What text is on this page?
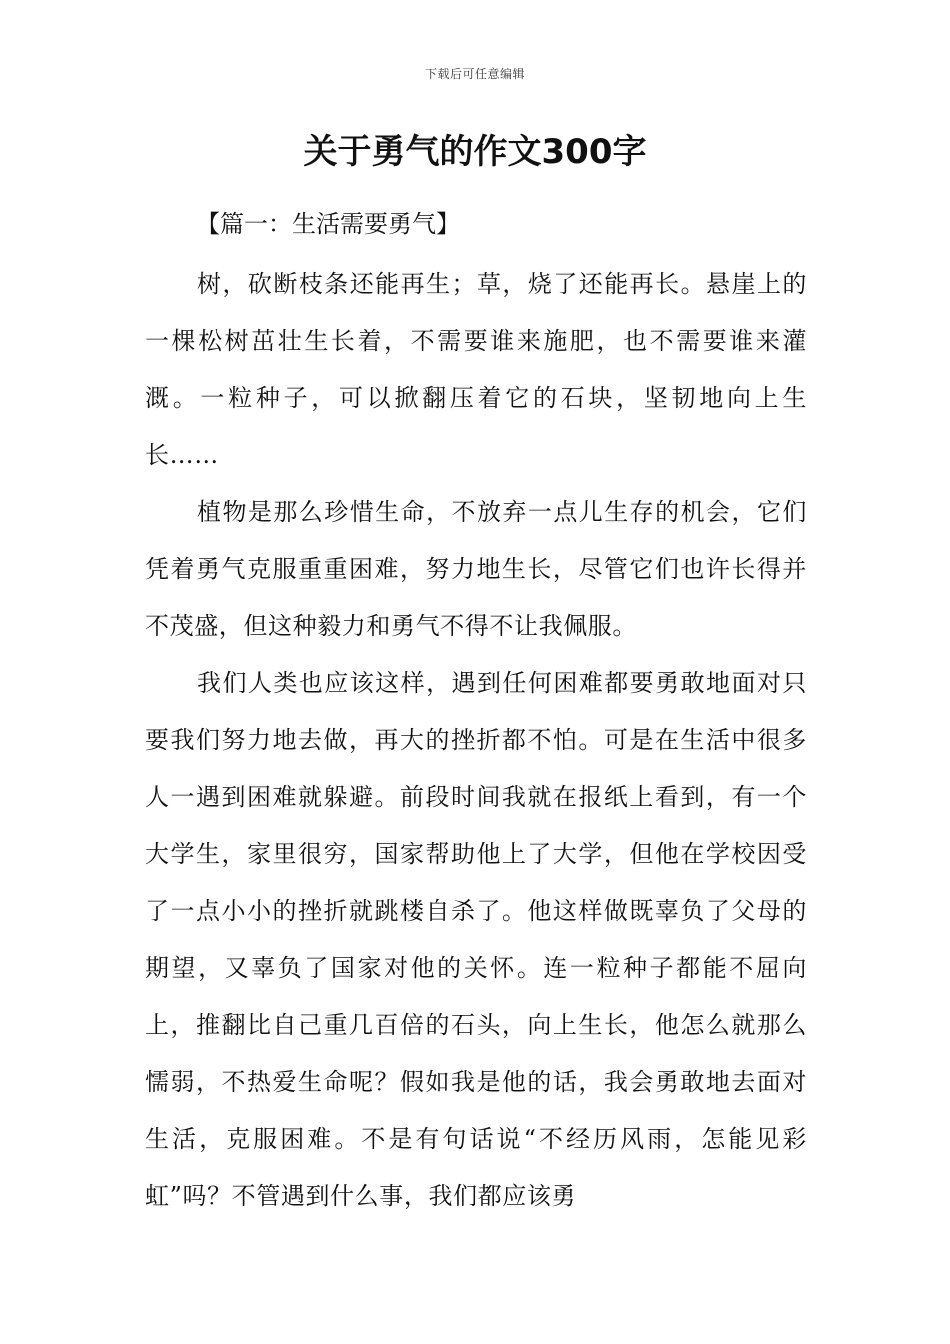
下载后可任意编辑
关于勇气的作文300字
【篇一：生活需要勇气】

树，砍断枝条还能再生；草，烧了还能再长。悬崖上的一棵松树茁壮生长着，不需要谁来施肥，也不需要谁来灌溉。一粒种子，可以掀翻压着它的石块，坚韧地向上生长……

植物是那么珍惜生命，不放弃一点儿生存的机会，它们凭着勇气克服重重困难，努力地生长，尽管它们也许长得并不茂盛，但这种毅力和勇气不得不让我佩服。

我们人类也应该这样，遇到任何困难都要勇敢地面对只要我们努力地去做，再大的挫折都不怕。可是在生活中很多人一遇到困难就躲避。前段时间我就在报纸上看到，有一个大学生，家里很穷，国家帮助他上了大学，但他在学校因受了一点小小的挫折就跳楼自杀了。他这样做既辜负了父母的期望，又辜负了国家对他的关怀。连一粒种子都能不屈向上，推翻比自己重几百倍的石头，向上生长，他怎么就那么懦弱，不热爱生命呢？假如我是他的话，我会勇敢地去面对生活，克服困难。不是有句话说“不经历风雨，怎能见彩虹”吗？不管遇到什么事，我们都应该勇
